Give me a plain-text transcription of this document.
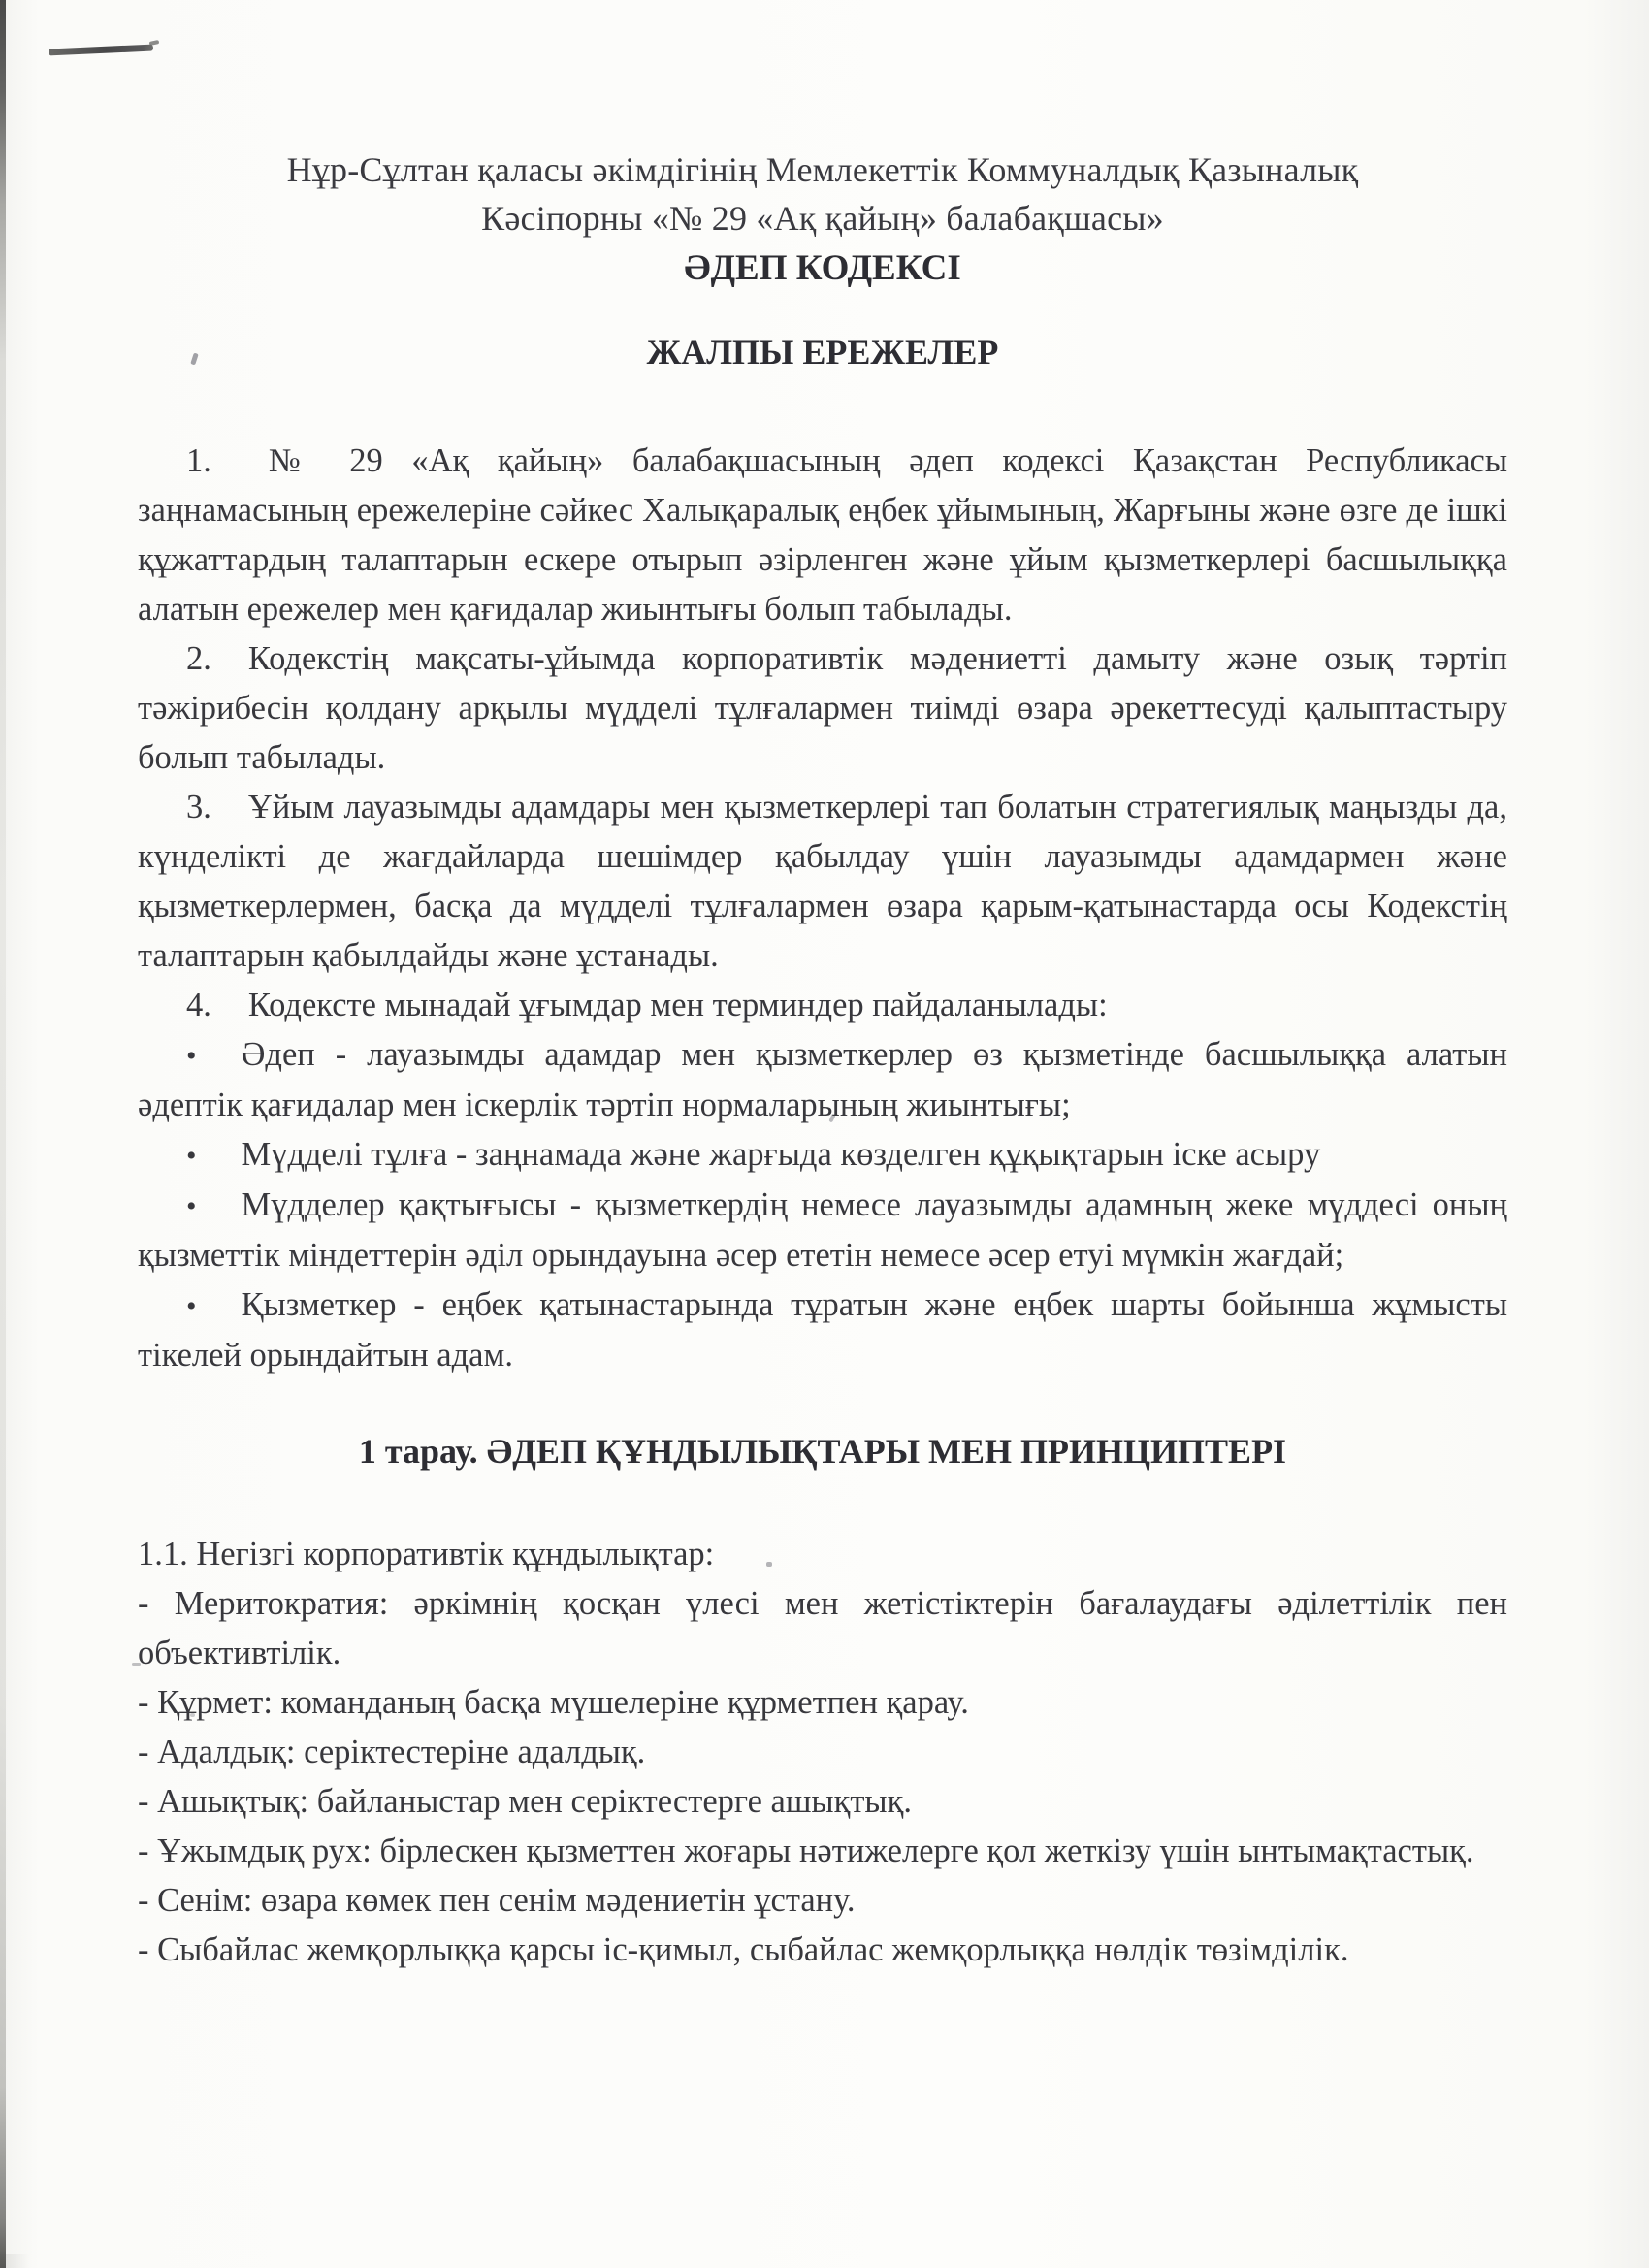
Нұр-Сұлтан қаласы әкімдігінің Мемлекеттік Коммуналдық Қазыналық
Кәсіпорны «№ 29 «Ақ қайың» балабақшасы»
ӘДЕП КОДЕКСІ
ЖАЛПЫ ЕРЕЖЕЛЕР

1. № 29 «Ақ қайың» балабақшасының әдеп кодексі Қазақстан Республикасы заңнамасының ережелеріне сәйкес Халықаралық еңбек ұйымының, Жарғыны және өзге де ішкі құжаттардың талаптарын ескере отырып әзірленген және ұйым қызметкерлері басшылыққа алатын ережелер мен қағидалар жиынтығы болып табылады.

2. Кодекстің мақсаты-ұйымда корпоративтік мәдениетті дамыту және озық тәртіп тәжірибесін қолдану арқылы мүдделі тұлғалармен тиімді өзара әрекеттесуді қалыптастыру болып табылады.

3. Ұйым лауазымды адамдары мен қызметкерлері тап болатын стратегиялық маңызды да, күнделікті де жағдайларда шешімдер қабылдау үшін лауазымды адамдармен және қызметкерлермен, басқа да мүдделі тұлғалармен өзара қарым-қатынастарда осы Кодекстің талаптарын қабылдайды және ұстанады.

4. Кодексте мынадай ұғымдар мен терминдер пайдаланылады:

• Әдеп - лауазымды адамдар мен қызметкерлер өз қызметінде басшылыққа алатын әдептік қағидалар мен іскерлік тәртіп нормаларының жиынтығы;

• Мүдделі тұлға - заңнамада және жарғыда көзделген құқықтарын іске асыру

• Мүдделер қақтығысы - қызметкердің немесе лауазымды адамның жеке мүддесі оның қызметтік міндеттерін әділ орындауына әсер ететін немесе әсер етуі мүмкін жағдай;

• Қызметкер - еңбек қатынастарында тұратын және еңбек шарты бойынша жұмысты тікелей орындайтын адам.

1 тарау. ӘДЕП ҚҰНДЫЛЫҚТАРЫ МЕН ПРИНЦИПТЕРІ

1.1. Негізгі корпоративтік құндылықтар:

- Меритократия: әркімнің қосқан үлесі мен жетістіктерін бағалаудағы әділеттілік пен объективтілік.

- Құрмет: команданың басқа мүшелеріне құрметпен қарау.

- Адалдық: серіктестеріне адалдық.

- Ашықтық: байланыстар мен серіктестерге ашықтық.

- Ұжымдық рух: бірлескен қызметтен жоғары нәтижелерге қол жеткізу үшін ынтымақтастық.

- Сенім: өзара көмек пен сенім мәдениетін ұстану.

- Сыбайлас жемқорлыққа қарсы іс-қимыл, сыбайлас жемқорлыққа нөлдік төзімділік.
